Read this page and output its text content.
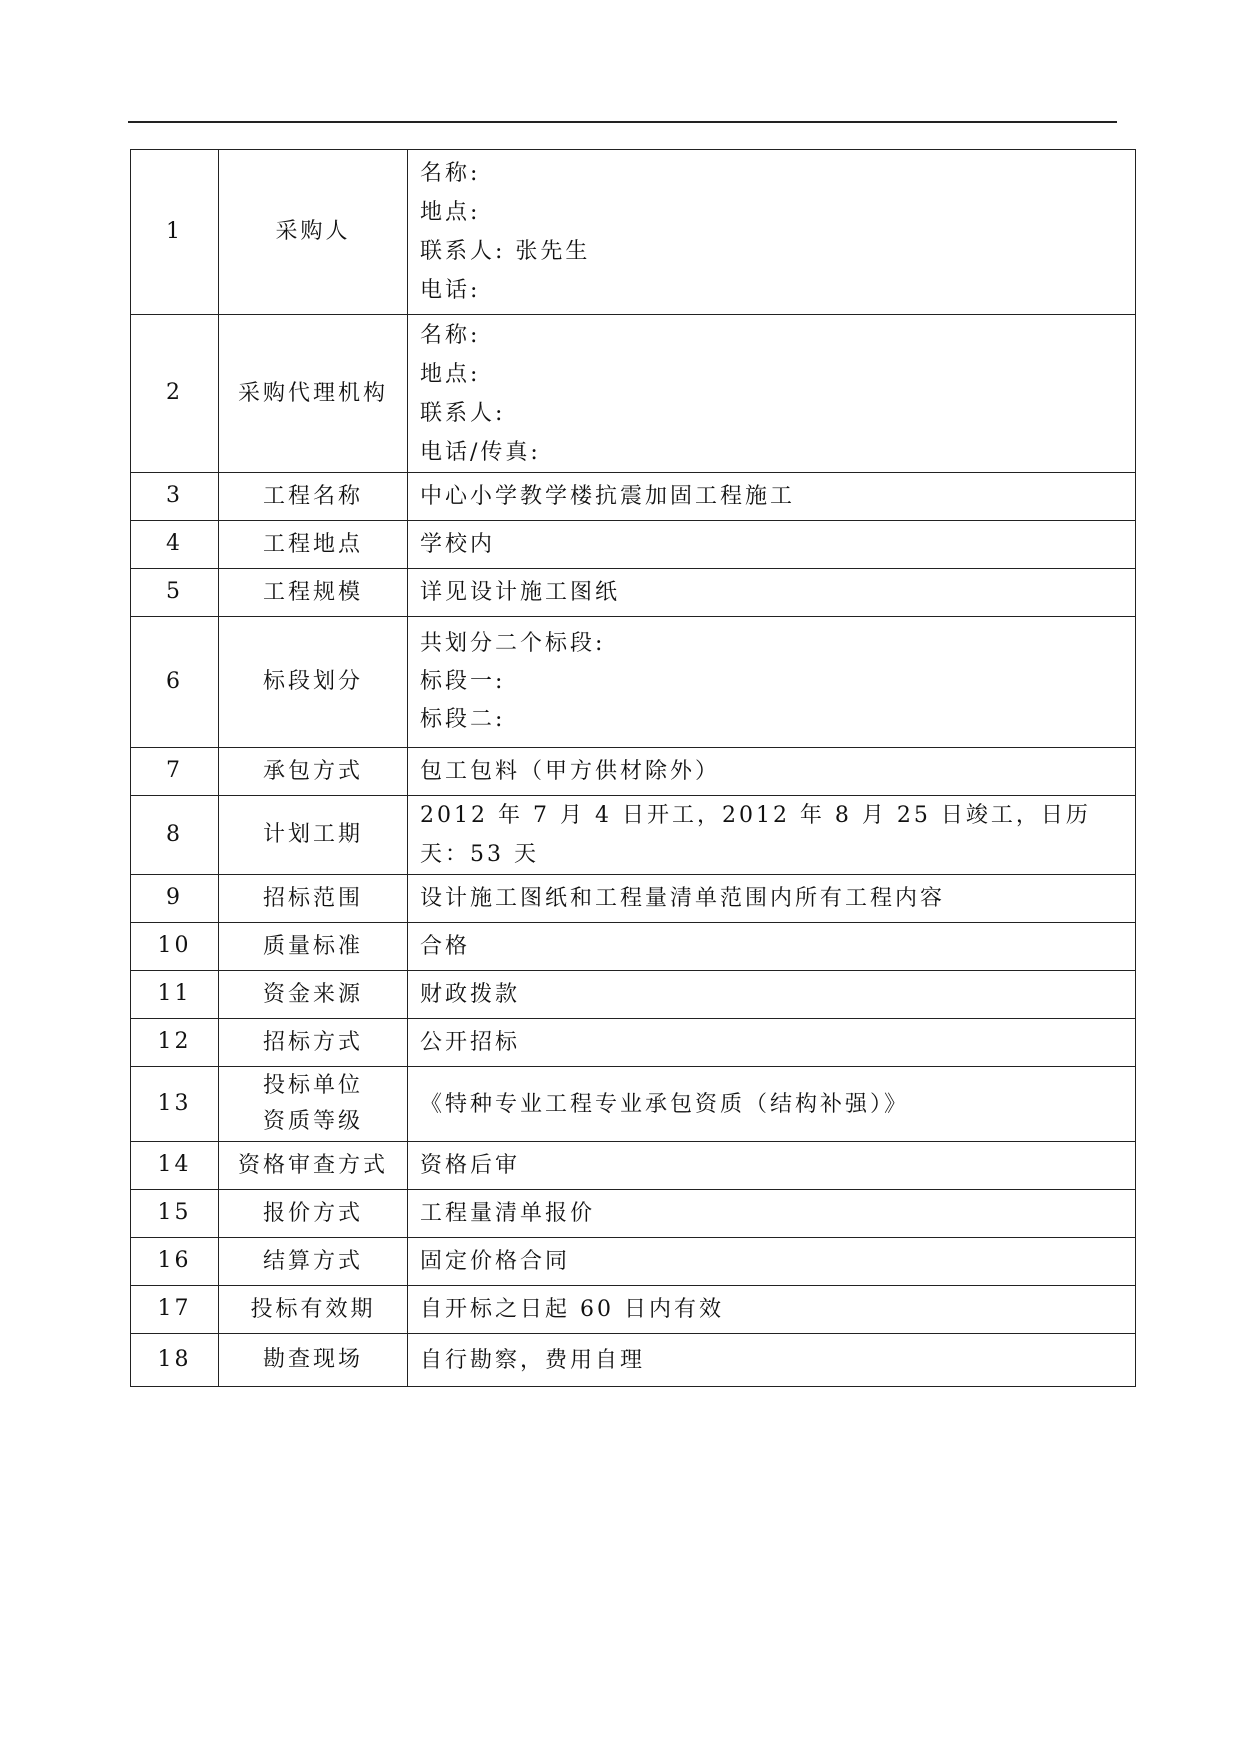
1	采购人	名称:
地点:
联系人: 张先生
电话:

2	采购代理机构	名称:
地点:
联系人:
电话/传真:

3	工程名称	中心小学教学楼抗震加固工程施工

4	工程地点	学校内

5	工程规模	详见设计施工图纸

6	标段划分	共划分二个标段:
标段一:
标段二:

7	承包方式	包工包料（甲方供材除外）

8	计划工期	2012 年 7 月 4 日开工，2012 年 8 月 25 日竣工，日历天：53 天

9	招标范围	设计施工图纸和工程量清单范围内所有工程内容

10	质量标准	合格

11	资金来源	财政拨款

12	招标方式	公开招标

13	投标单位
资质等级	《特种专业工程专业承包资质（结构补强）》

14	资格审查方式	资格后审

15	报价方式	工程量清单报价

16	结算方式	固定价格合同

17	投标有效期	自开标之日起 60 日内有效

18	勘查现场	自行勘察，费用自理
